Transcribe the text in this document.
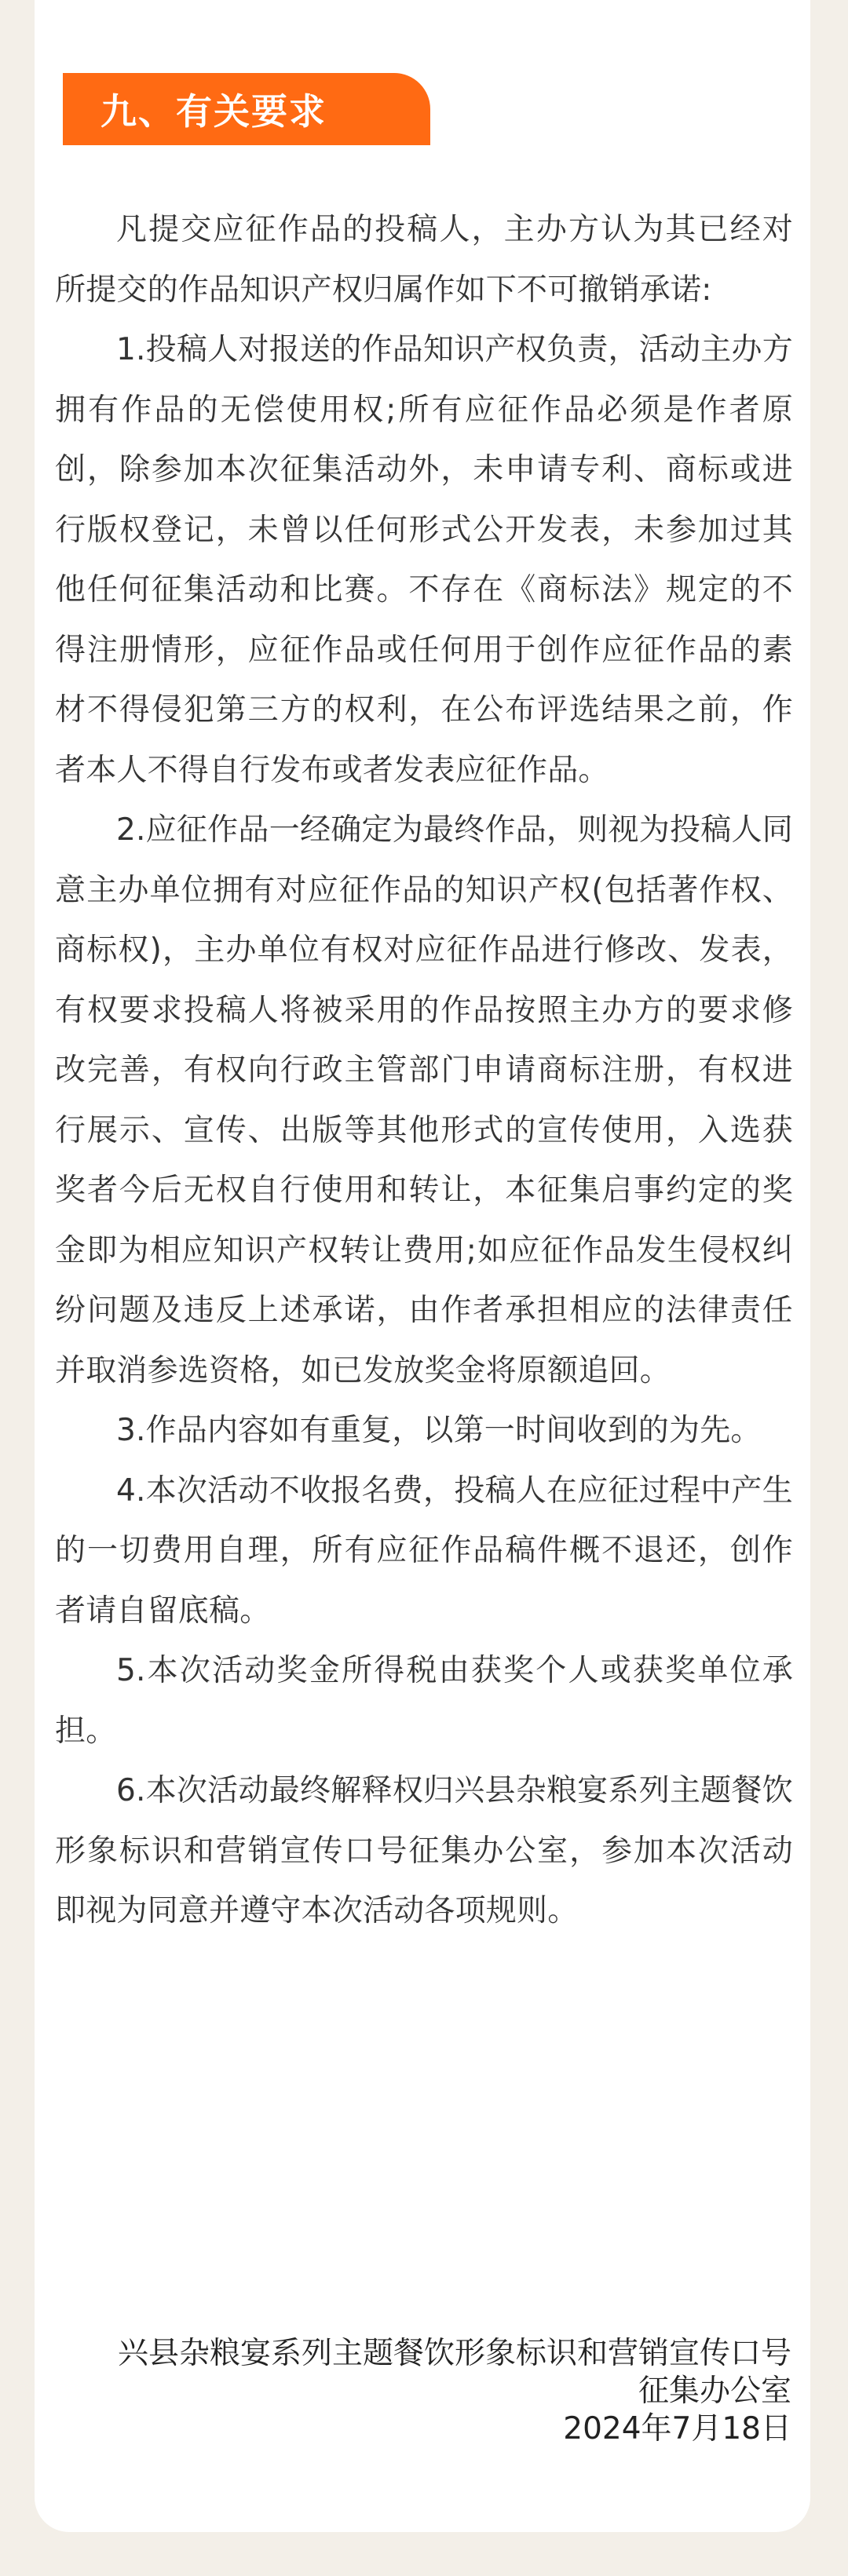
九、有关要求

凡提交应征作品的投稿人，主办方认为其已经对所提交的作品知识产权归属作如下不可撤销承诺:

1.投稿人对报送的作品知识产权负责，活动主办方拥有作品的无偿使用权;所有应征作品必须是作者原创，除参加本次征集活动外，未申请专利、商标或进行版权登记，未曾以任何形式公开发表，未参加过其他任何征集活动和比赛。不存在《商标法》规定的不得注册情形，应征作品或任何用于创作应征作品的素材不得侵犯第三方的权利，在公布评选结果之前，作者本人不得自行发布或者发表应征作品。

2.应征作品一经确定为最终作品，则视为投稿人同意主办单位拥有对应征作品的知识产权(包括著作权、商标权)，主办单位有权对应征作品进行修改、发表，有权要求投稿人将被采用的作品按照主办方的要求修改完善，有权向行政主管部门申请商标注册，有权进行展示、宣传、出版等其他形式的宣传使用，入选获奖者今后无权自行使用和转让，本征集启事约定的奖金即为相应知识产权转让费用;如应征作品发生侵权纠纷问题及违反上述承诺，由作者承担相应的法律责任并取消参选资格，如已发放奖金将原额追回。

3.作品内容如有重复，以第一时间收到的为先。

4.本次活动不收报名费，投稿人在应征过程中产生的一切费用自理，所有应征作品稿件概不退还，创作者请自留底稿。

5.本次活动奖金所得税由获奖个人或获奖单位承担。

6.本次活动最终解释权归兴县杂粮宴系列主题餐饮形象标识和营销宣传口号征集办公室，参加本次活动即视为同意并遵守本次活动各项规则。

兴县杂粮宴系列主题餐饮形象标识和营销宣传口号
征集办公室
2024年7月18日
